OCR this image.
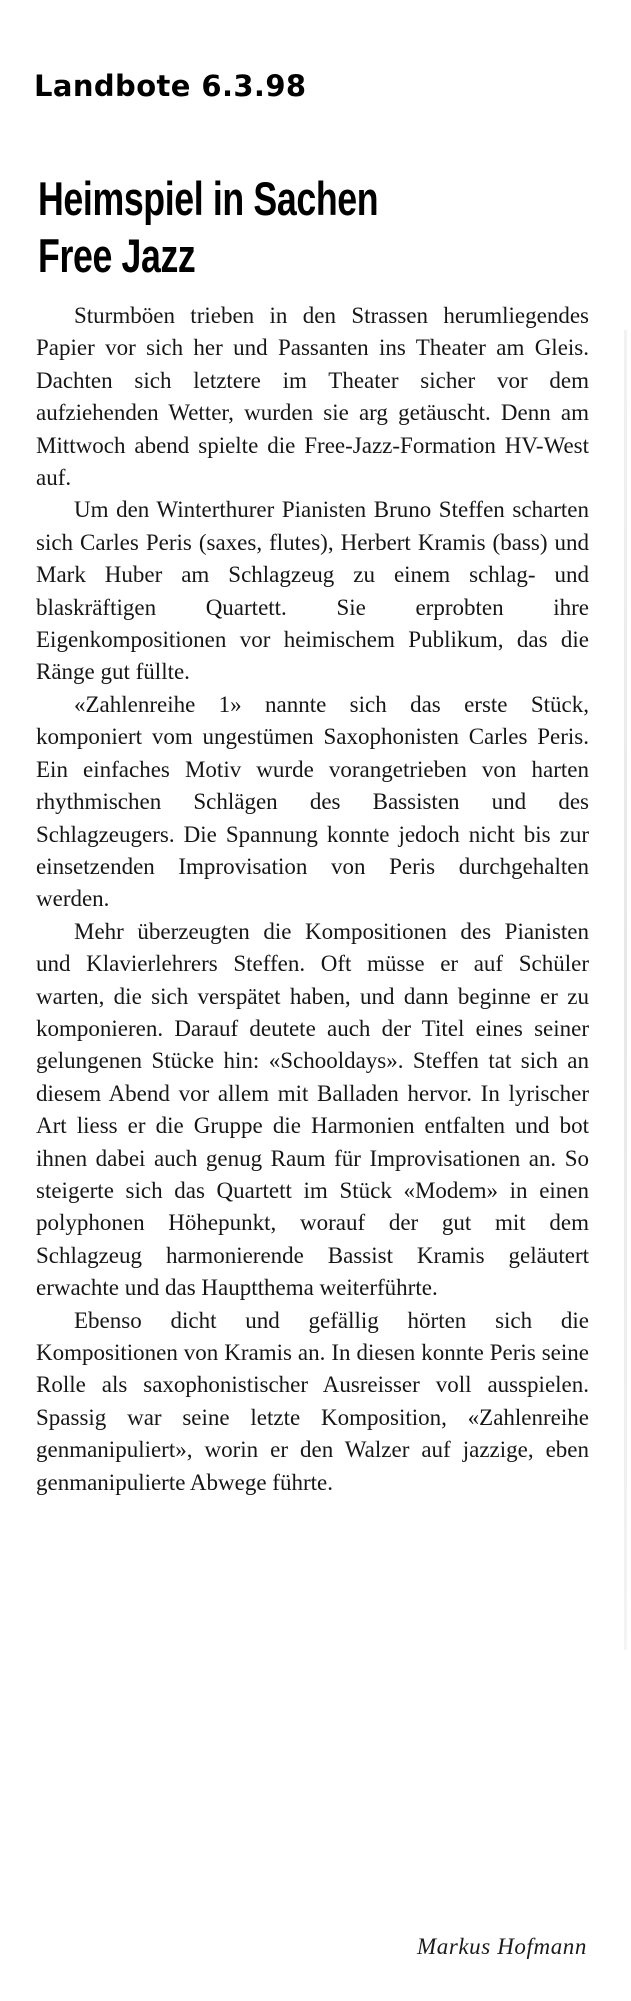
Landbote 6.3.98
Heimspiel in Sachen
Free Jazz

Sturmböen trieben in den Strassen herumliegendes Papier vor sich her und Passanten ins Theater am Gleis. Dachten sich letztere im Theater sicher vor dem aufziehenden Wetter, wurden sie arg getäuscht. Denn am Mittwoch abend spielte die Free-Jazz-Formation HV-West auf.

Um den Winterthurer Pianisten Bruno Steffen scharten sich Carles Peris (saxes, flutes), Herbert Kramis (bass) und Mark Huber am Schlagzeug zu einem schlag- und blaskräftigen Quartett. Sie erprobten ihre Eigenkompositionen vor heimischem Publikum, das die Ränge gut füllte.

«Zahlenreihe 1» nannte sich das erste Stück, komponiert vom ungestümen Saxophonisten Carles Peris. Ein einfaches Motiv wurde vorangetrieben von harten rhythmischen Schlägen des Bassisten und des Schlagzeugers. Die Spannung konnte jedoch nicht bis zur einsetzenden Improvisation von Peris durchgehalten werden.

Mehr überzeugten die Kompositionen des Pianisten und Klavierlehrers Steffen. Oft müsse er auf Schüler warten, die sich verspätet haben, und dann beginne er zu komponieren. Darauf deutete auch der Titel eines seiner gelungenen Stücke hin: «Schooldays». Steffen tat sich an diesem Abend vor allem mit Balladen hervor. In lyrischer Art liess er die Gruppe die Harmonien entfalten und bot ihnen dabei auch genug Raum für Improvisationen an. So steigerte sich das Quartett im Stück «Modem» in einen polyphonen Höhepunkt, worauf der gut mit dem Schlagzeug harmonierende Bassist Kramis geläutert erwachte und das Hauptthema weiterführte.

Ebenso dicht und gefällig hörten sich die Kompositionen von Kramis an. In diesen konnte Peris seine Rolle als saxophonistischer Ausreisser voll ausspielen. Spassig war seine letzte Komposition, «Zahlenreihe genmanipuliert», worin er den Walzer auf jazzige, eben genmanipulierte Abwege führte.

Markus Hofmann
